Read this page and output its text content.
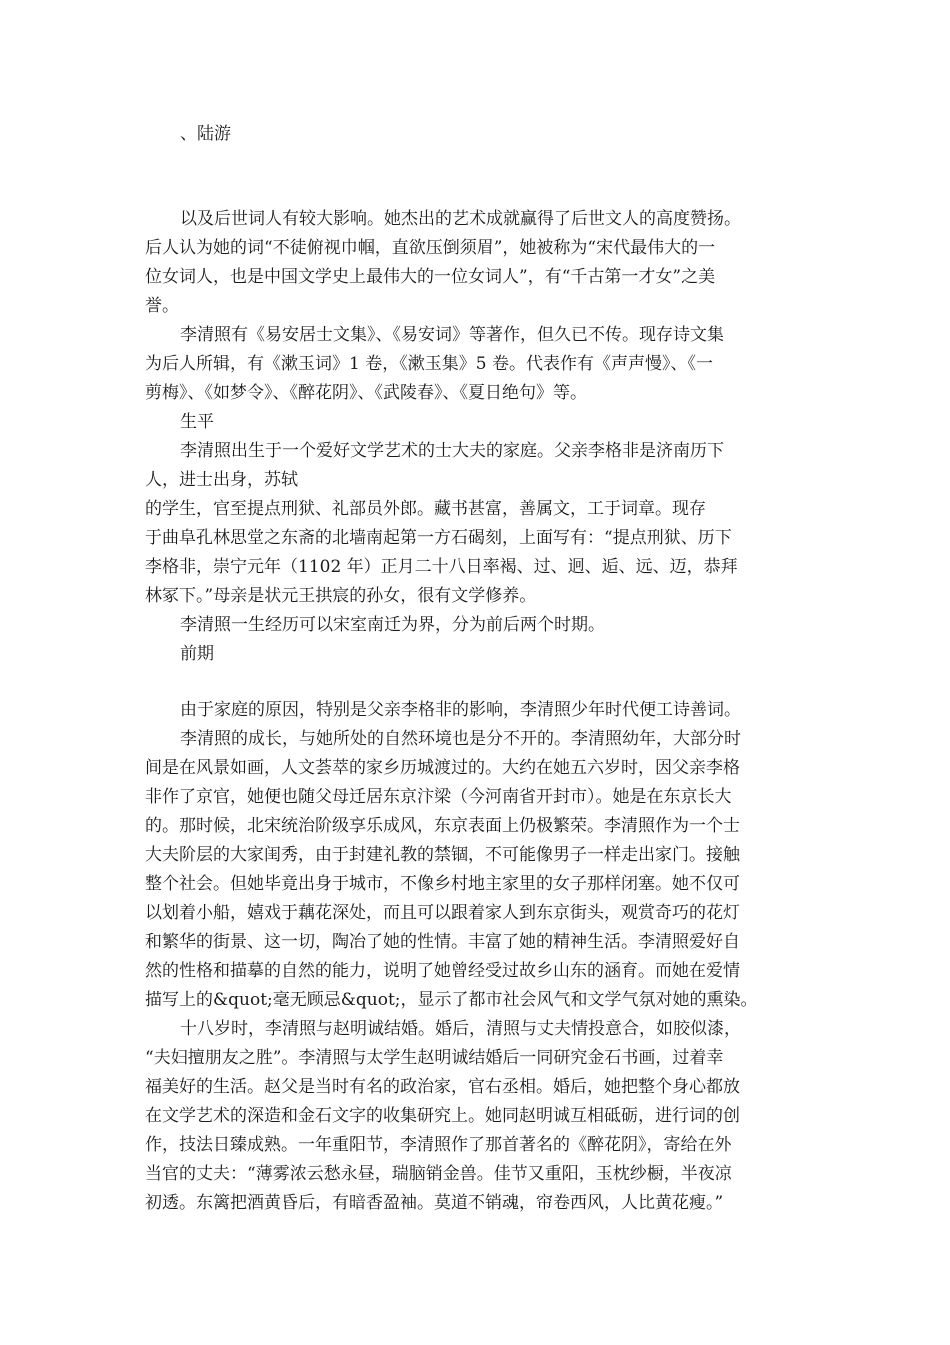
、陆游
以及后世词人有较大影响。她杰出的艺术成就赢得了后世文人的高度赞扬。
后人认为她的词“不徒俯视巾帼，直欲压倒须眉”，她被称为“宋代最伟大的一
位女词人，也是中国文学史上最伟大的一位女词人”，有“千古第一才女”之美
誉。
李清照有《易安居士文集》、《易安词》等著作，但久已不传。现存诗文集
为后人所辑，有《漱玉词》1 卷，《漱玉集》5 卷。代表作有《声声慢》、《一
剪梅》、《如梦令》、《醉花阴》、《武陵春》、《夏日绝句》等。
生平
李清照出生于一个爱好文学艺术的士大夫的家庭。父亲李格非是济南历下
人，进士出身，苏轼
的学生，官至提点刑狱、礼部员外郎。藏书甚富，善属文，工于词章。现存
于曲阜孔林思堂之东斋的北墙南起第一方石碣刻，上面写有：“提点刑狱、历下
李格非，崇宁元年（1102 年）正月二十八日率褐、过、迥、逅、远、迈，恭拜
林冢下。”母亲是状元王拱宸的孙女，很有文学修养。
李清照一生经历可以宋室南迁为界，分为前后两个时期。
前期
由于家庭的原因，特别是父亲李格非的影响，李清照少年时代便工诗善词。
李清照的成长，与她所处的自然环境也是分不开的。李清照幼年，大部分时
间是在风景如画，人文荟萃的家乡历城渡过的。大约在她五六岁时，因父亲李格
非作了京官，她便也随父母迁居东京汴梁（今河南省开封市）。她是在东京长大
的。那时候，北宋统治阶级享乐成风，东京表面上仍极繁荣。李清照作为一个士
大夫阶层的大家闺秀，由于封建礼教的禁锢，不可能像男子一样走出家门。接触
整个社会。但她毕竟出身于城市，不像乡村地主家里的女子那样闭塞。她不仅可
以划着小船，嬉戏于藕花深处，而且可以跟着家人到东京街头，观赏奇巧的花灯
和繁华的街景、这一切，陶冶了她的性情。丰富了她的精神生活。李清照爱好自
然的性格和描摹的自然的能力，说明了她曾经受过故乡山东的涵育。而她在爱情
描写上的&quot;毫无顾忌&quot;，显示了都市社会风气和文学气氛对她的熏染。
十八岁时，李清照与赵明诚结婚。婚后，清照与丈夫情投意合，如胶似漆，
“夫妇擅朋友之胜”。李清照与太学生赵明诚结婚后一同研究金石书画，过着幸
福美好的生活。赵父是当时有名的政治家，官右丞相。婚后，她把整个身心都放
在文学艺术的深造和金石文字的收集研究上。她同赵明诚互相砥砺，进行词的创
作，技法日臻成熟。一年重阳节，李清照作了那首著名的《醉花阴》，寄给在外
当官的丈夫：“薄雾浓云愁永昼，瑞脑销金兽。佳节又重阳，玉枕纱橱，半夜凉
初透。东篱把酒黄昏后，有暗香盈袖。莫道不销魂，帘卷西风，人比黄花瘦。”
